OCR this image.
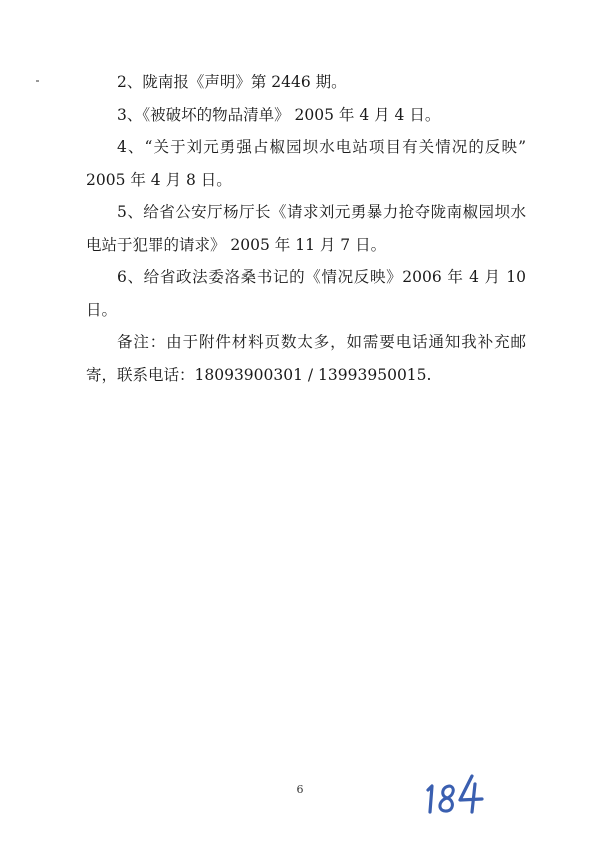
2、陇南报《声明》第 2446 期。

3、《被破坏的物品清单》 2005 年 4 月 4 日。

4、“关于刘元勇强占椒园坝水电站项目有关情况的反映” 2005 年 4 月 8 日。

5、给省公安厅杨厅长《请求刘元勇暴力抢夺陇南椒园坝水电站于犯罪的请求》 2005 年 11 月 7 日。

6、给省政法委洛桑书记的《情况反映》2006 年 4 月 10 日。

备注：由于附件材料页数太多，如需要电话通知我补充邮寄，联系电话：18093900301 / 13993950015.

6
